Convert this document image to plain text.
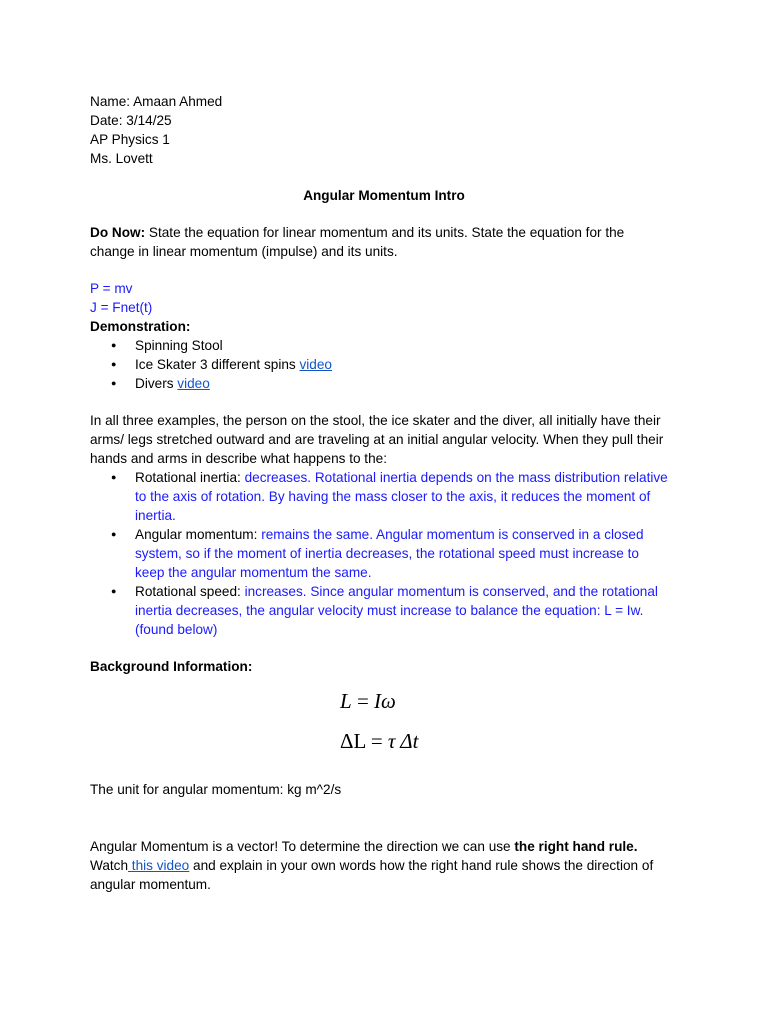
Name: Amaan Ahmed

Date: 3/14/25

AP Physics 1

Ms. Lovett

Angular Momentum Intro

Do Now: State the equation for linear momentum and its units. State the equation for the

change in linear momentum (impulse) and its units.

P = mv

J = Fnet(t)

Demonstration:

● Spinning Stool
● Ice Skater 3 different spins video
● Divers video

In all three examples, the person on the stool, the ice skater and the diver, all initially have their

arms/ legs stretched outward and are traveling at an initial angular velocity. When they pull their

hands and arms in describe what happens to the:

● Rotational inertia: decreases. Rotational inertia depends on the mass distribution relative
to the axis of rotation. By having the mass closer to the axis, it reduces the moment of
inertia.
● Angular momentum: remains the same. Angular momentum is conserved in a closed
system, so if the moment of inertia decreases, the rotational speed must increase to
keep the angular momentum the same.
● Rotational speed: increases. Since angular momentum is conserved, and the rotational
inertia decreases, the angular velocity must increase to balance the equation: L = Iw.
(found below)

Background Information:

L = Iω
ΔL = τ Δt

The unit for angular momentum: kg m^2/s

Angular Momentum is a vector! To determine the direction we can use the right hand rule.

Watch this video and explain in your own words how the right hand rule shows the direction of

angular momentum.
